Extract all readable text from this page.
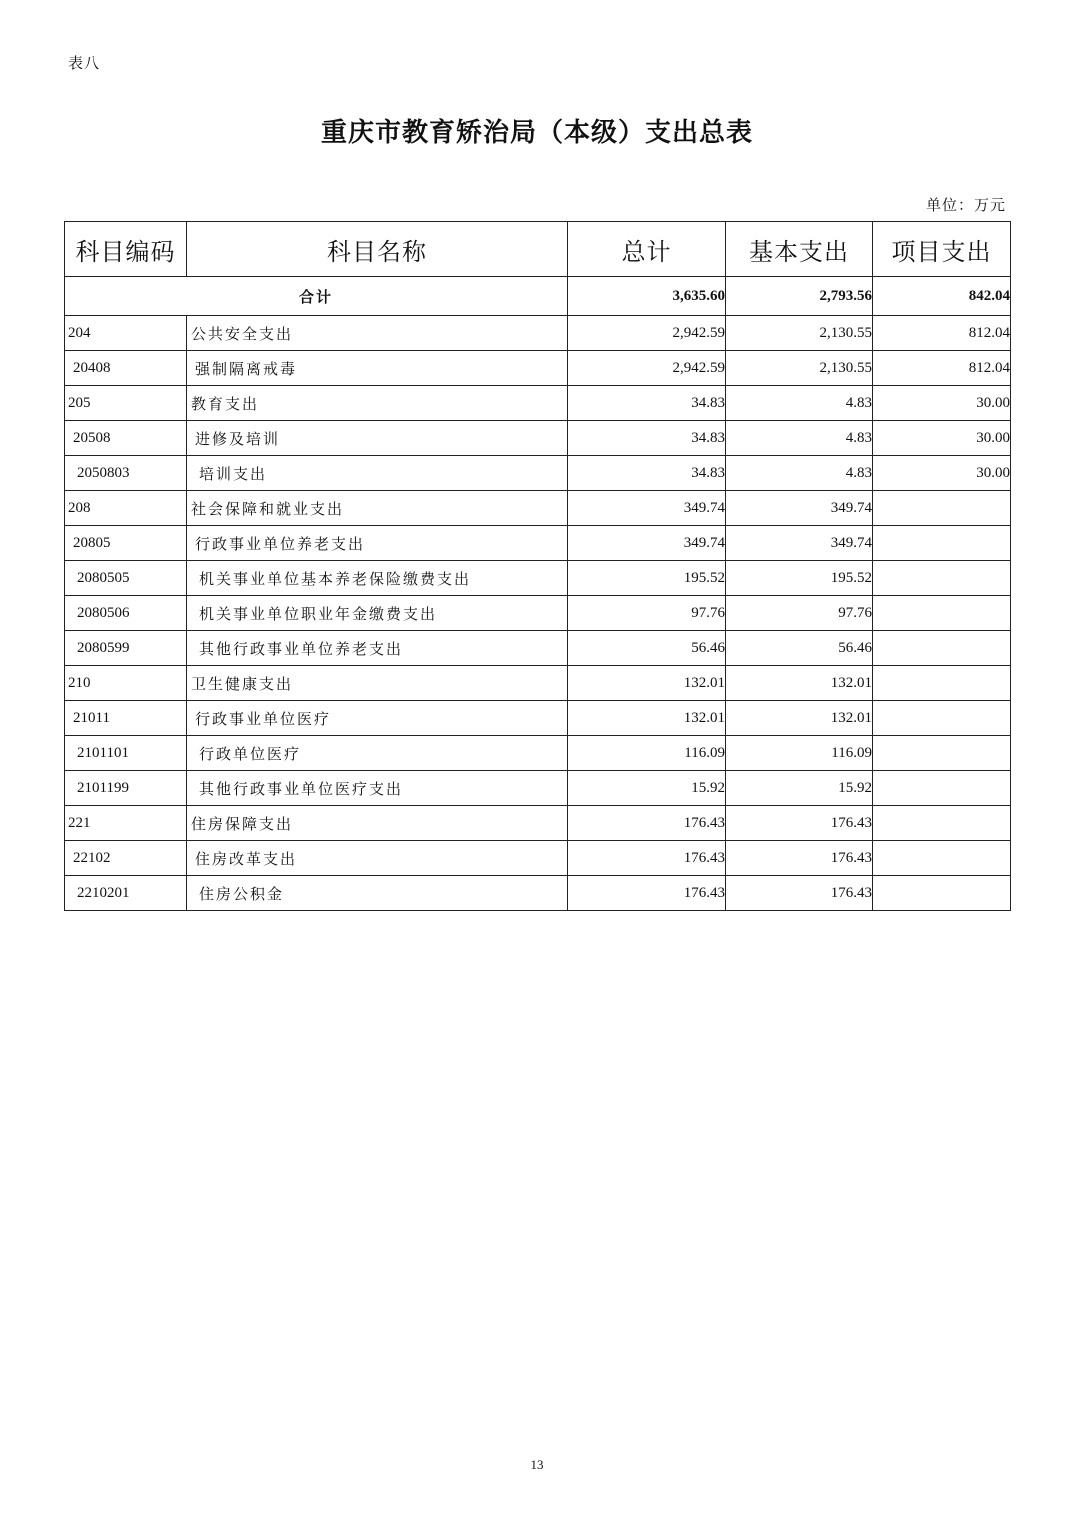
表八
重庆市教育矫治局（本级）支出总表
单位：万元
科目编码	科目名称	总计	基本支出	项目支出
合计		3,635.60	2,793.56	842.04
204	公共安全支出	2,942.59	2,130.55	812.04
20408	强制隔离戒毒	2,942.59	2,130.55	812.04
205	教育支出	34.83	4.83	30.00
20508	进修及培训	34.83	4.83	30.00
2050803	培训支出	34.83	4.83	30.00
208	社会保障和就业支出	349.74	349.74	
20805	行政事业单位养老支出	349.74	349.74	
2080505	机关事业单位基本养老保险缴费支出	195.52	195.52	
2080506	机关事业单位职业年金缴费支出	97.76	97.76	
2080599	其他行政事业单位养老支出	56.46	56.46	
210	卫生健康支出	132.01	132.01	
21011	行政事业单位医疗	132.01	132.01	
2101101	行政单位医疗	116.09	116.09	
2101199	其他行政事业单位医疗支出	15.92	15.92	
221	住房保障支出	176.43	176.43	
22102	住房改革支出	176.43	176.43	
2210201	住房公积金	176.43	176.43	
13
